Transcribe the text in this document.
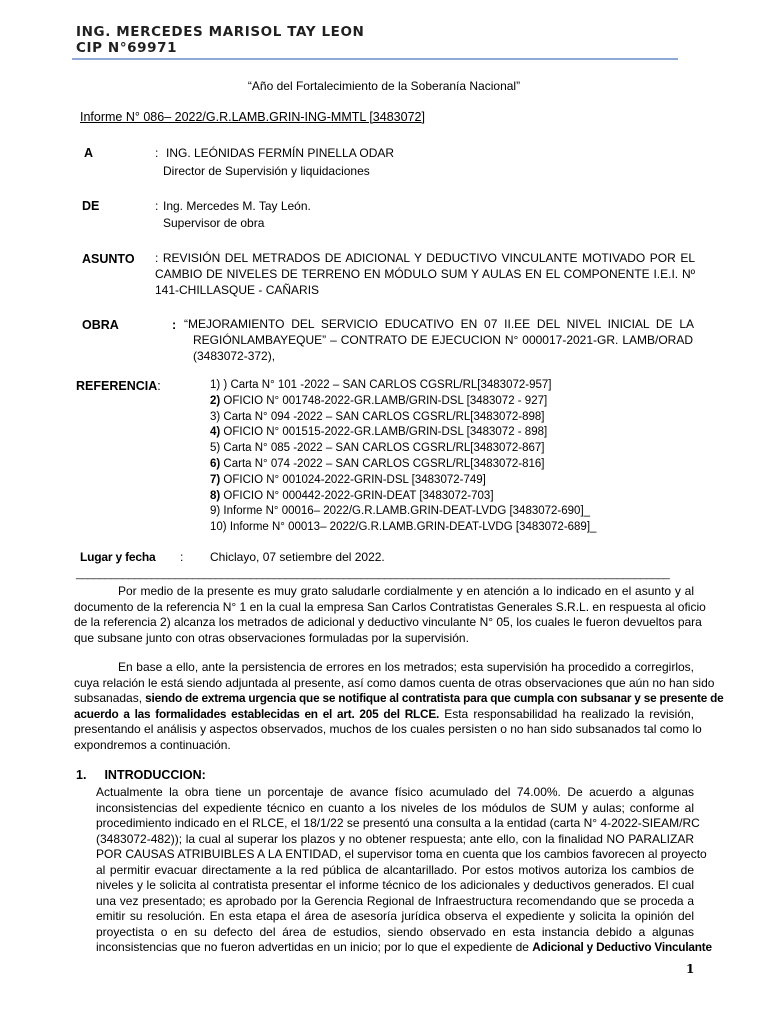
ING. MERCEDES MARISOL TAY LEON
CIP N°69971
“Año del Fortalecimiento de la Soberanía Nacional”
Informe N° 086– 2022/G.R.LAMB.GRIN-ING-MMTL [3483072]
A	: ING. LEÓNIDAS FERMÍN PINELLA ODAR
Director de Supervisión y liquidaciones
DE	: Ing. Mercedes M. Tay León.
Supervisor de obra
ASUNTO : REVISIÓN DEL METRADOS DE ADICIONAL Y DEDUCTIVO VINCULANTE MOTIVADO POR EL
CAMBIO DE NIVELES DE TERRENO EN MÓDULO SUM Y AULAS EN EL COMPONENTE I.E.I. Nº
141-CHILLASQUE - CAÑARIS
OBRA	: “MEJORAMIENTO DEL SERVICIO EDUCATIVO EN 07 II.EE DEL NIVEL INICIAL DE LA
REGIÓNLAMBAYEQUE” – CONTRATO DE EJECUCION N° 000017-2021-GR. LAMB/ORAD
(3483072-372),
REFERENCIA:	1) ) Carta N° 101 -2022 – SAN CARLOS CGSRL/RL[3483072-957]
2) OFICIO N° 001748-2022-GR.LAMB/GRIN-DSL [3483072 - 927]
3) Carta N° 094 -2022 – SAN CARLOS CGSRL/RL[3483072-898]
4) OFICIO N° 001515-2022-GR.LAMB/GRIN-DSL [3483072 - 898]
5) Carta N° 085 -2022 – SAN CARLOS CGSRL/RL[3483072-867]
6) Carta N° 074 -2022 – SAN CARLOS CGSRL/RL[3483072-816]
7) OFICIO N° 001024-2022-GRIN-DSL [3483072-749]
8) OFICIO N° 000442-2022-GRIN-DEAT [3483072-703]
9) Informe N° 00016– 2022/G.R.LAMB.GRIN-DEAT-LVDG [3483072-690]_
10) Informe N° 00013– 2022/G.R.LAMB.GRIN-DEAT-LVDG [3483072-689]_
Lugar y fecha : Chiclayo, 07 setiembre del 2022.
______________________________________________________________________________________________________
Por medio de la presente es muy grato saludarle cordialmente y en atención a lo indicado en el asunto y al
documento de la referencia N° 1 en la cual la empresa San Carlos Contratistas Generales S.R.L. en respuesta al oficio
de la referencia 2) alcanza los metrados de adicional y deductivo vinculante N° 05, los cuales le fueron devueltos para
que subsane junto con otras observaciones formuladas por la supervisión.
En base a ello, ante la persistencia de errores en los metrados; esta supervisión ha procedido a corregirlos,
cuya relación le está siendo adjuntada al presente, así como damos cuenta de otras observaciones que aún no han sido
subsanadas, siendo de extrema urgencia que se notifique al contratista para que cumpla con subsanar y se presente de
acuerdo a las formalidades establecidas en el art. 205 del RLCE. Esta responsabilidad ha realizado la revisión,
presentando el análisis y aspectos observados, muchos de los cuales persisten o no han sido subsanados tal como lo
expondremos a continuación.
1. INTRODUCCION:
Actualmente la obra tiene un porcentaje de avance físico acumulado del 74.00%. De acuerdo a algunas
inconsistencias del expediente técnico en cuanto a los niveles de los módulos de SUM y aulas; conforme al
procedimiento indicado en el RLCE, el 18/1/22 se presentó una consulta a la entidad (carta N° 4-2022-SIEAM/RC
(3483072-482)); la cual al superar los plazos y no obtener respuesta; ante ello, con la finalidad NO PARALIZAR
POR CAUSAS ATRIBUIBLES A LA ENTIDAD, el supervisor toma en cuenta que los cambios favorecen al proyecto
al permitir evacuar directamente a la red pública de alcantarillado. Por estos motivos autoriza los cambios de
niveles y le solicita al contratista presentar el informe técnico de los adicionales y deductivos generados. El cual
una vez presentado; es aprobado por la Gerencia Regional de Infraestructura recomendando que se proceda a
emitir su resolución. En esta etapa el área de asesoría jurídica observa el expediente y solicita la opinión del
proyectista o en su defecto del área de estudios, siendo observado en esta instancia debido a algunas
inconsistencias que no fueron advertidas en un inicio; por lo que el expediente de Adicional y Deductivo Vinculante
1
